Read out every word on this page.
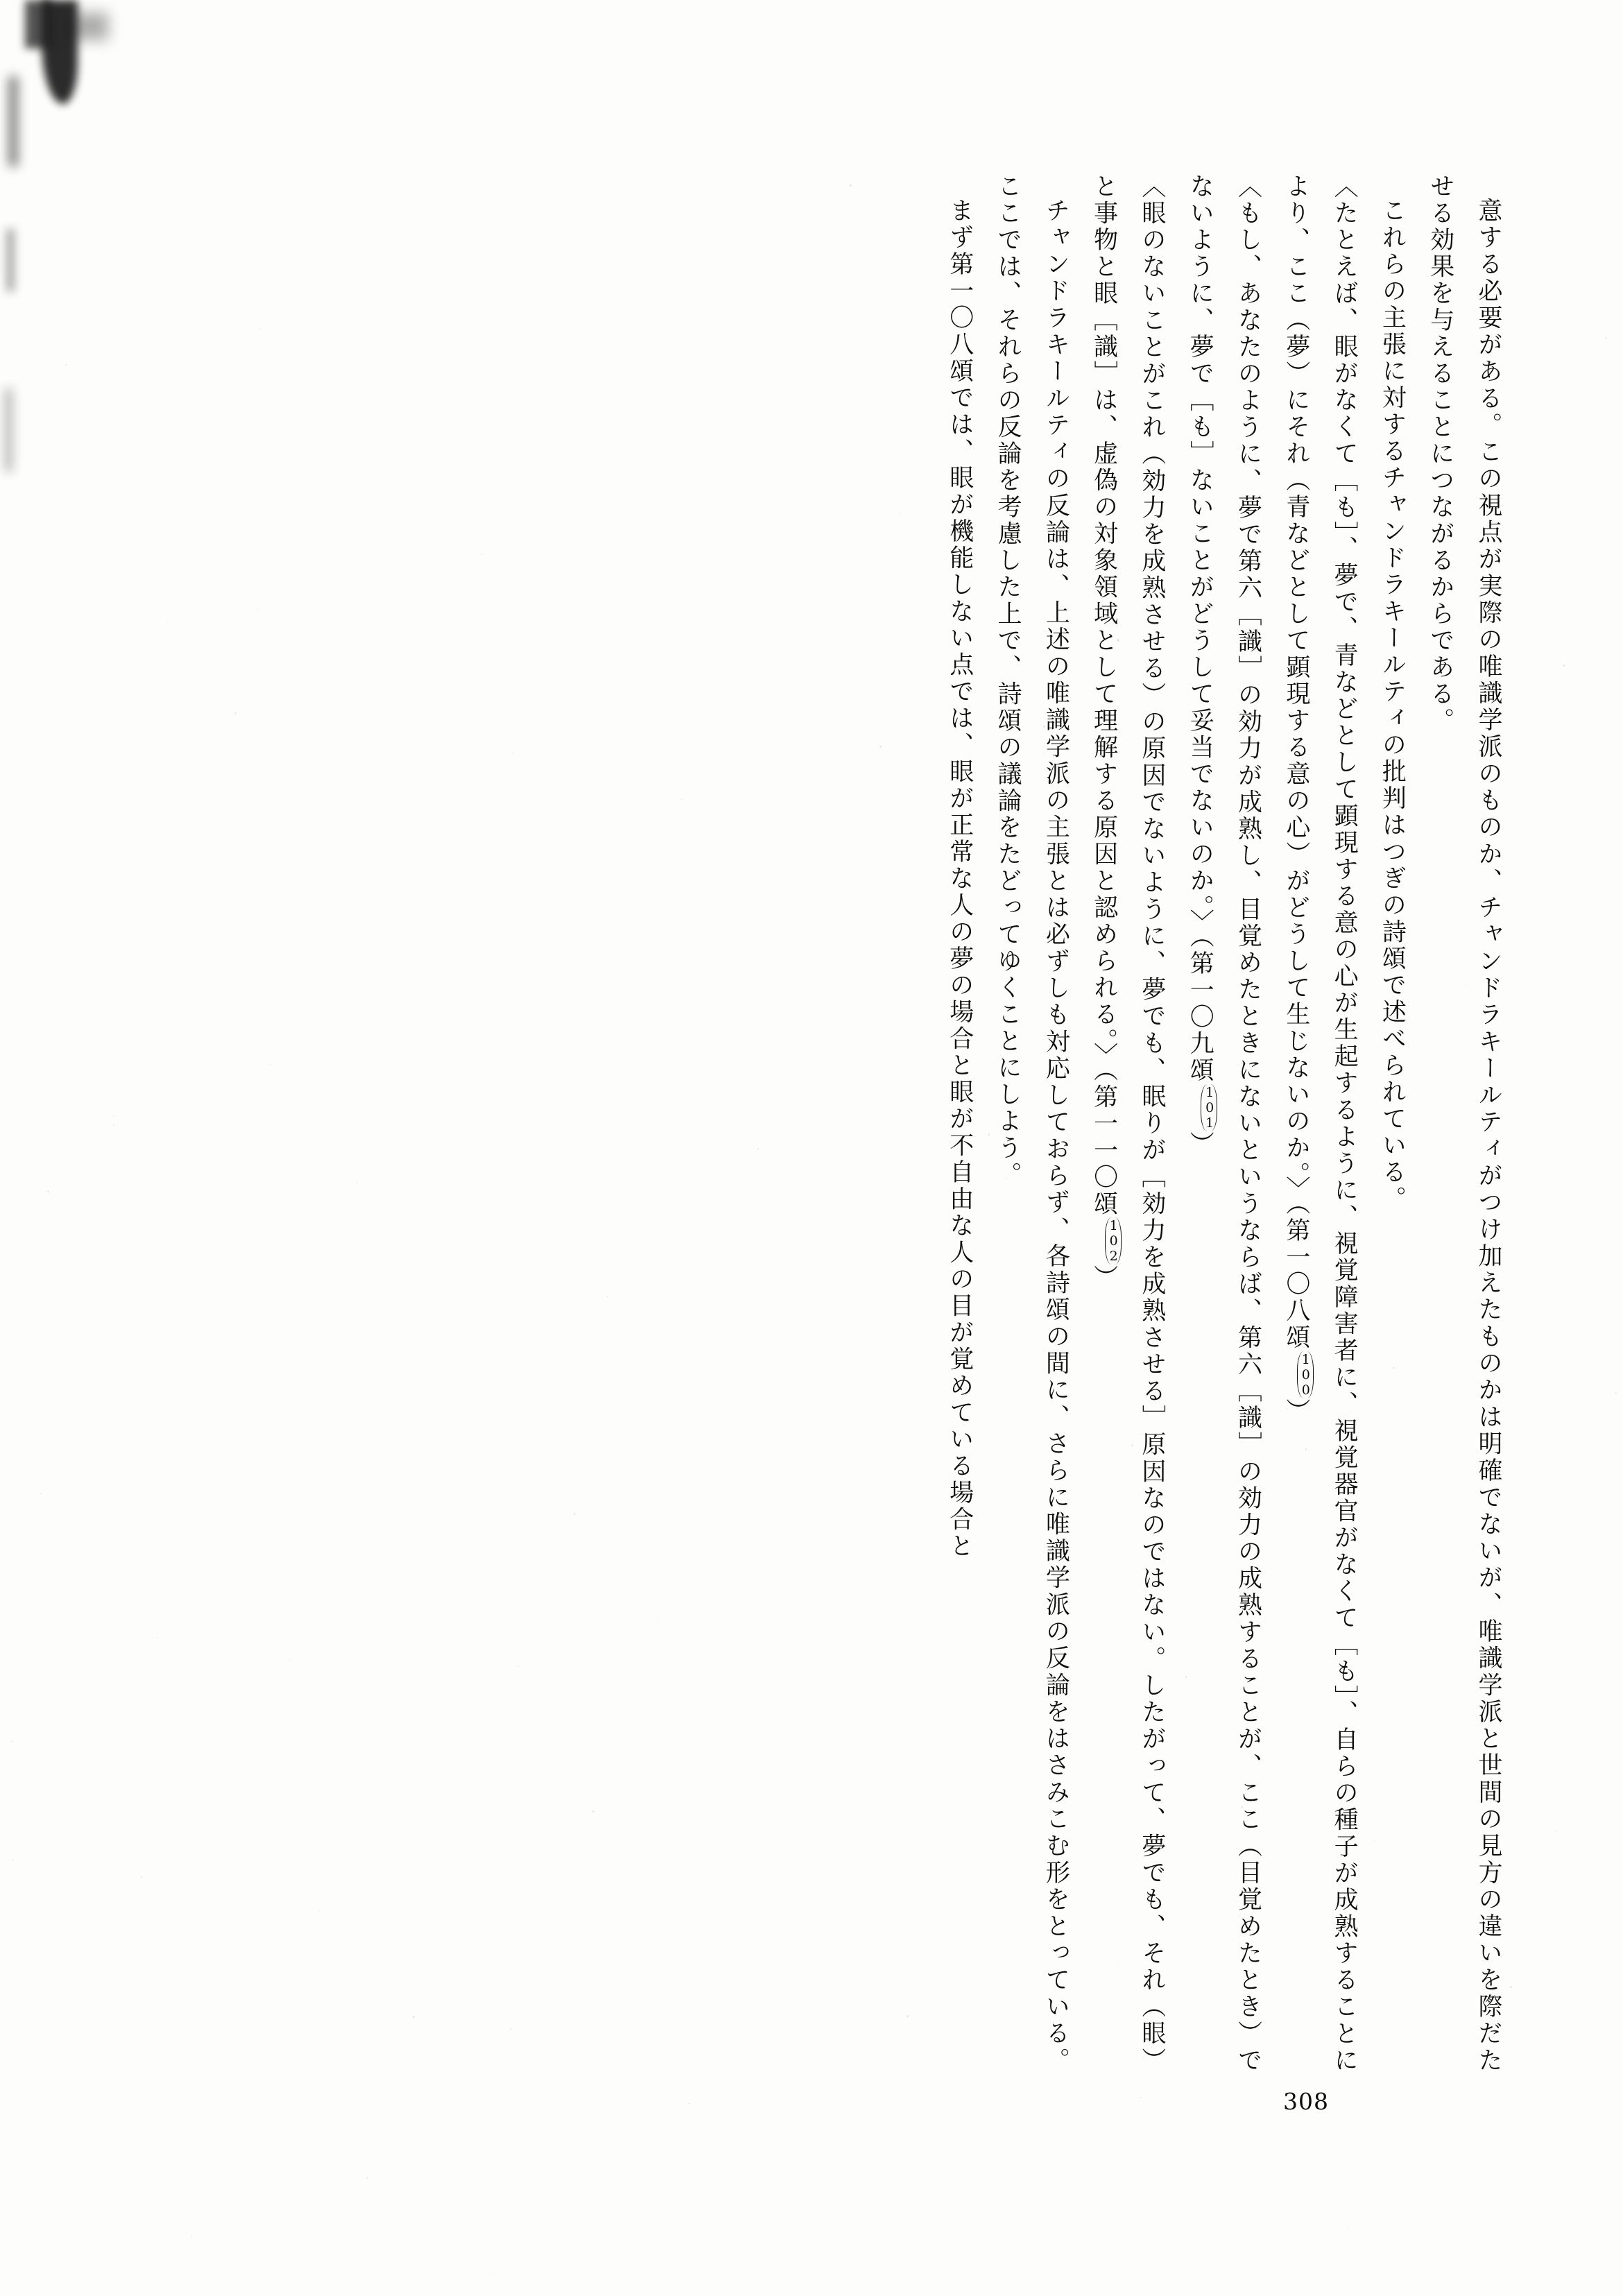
意する必要がある。この視点が実際の唯識学派のものか、チャンドラキールティがつけ加えたものかは明確でないが、唯識学派と世間の見方の違いを際だたせる効果を与えることにつながるからである。

これらの主張に対するチャンドラキールティの批判はつぎの詩頌で述べられている。

〈たとえば、眼がなくて［も］、夢で、青などとして顕現する意の心が生起するように、視覚障害者に、視覚器官がなくて［も］、自らの種子が成熟することにより、ここ（夢）にそれ（青などとして顕現する意の心）がどうして生じないのか。〉（第一〇八頌100）

〈もし、あなたのように、夢で第六［識］の効力が成熟し、目覚めたときにないというならば、第六［識］の効力の成熟することが、ここ（目覚めたとき）でないように、夢で［も］ないことがどうして妥当でないのか。〉（第一〇九頌101）

〈眼のないことがこれ（効力を成熟させる）の原因でないように、夢でも、眠りが［効力を成熟させる］原因なのではない。したがって、夢でも、それ（眼）と事物と眼［識］は、虚偽の対象領域として理解する原因と認められる。〉（第一一〇頌102）

チャンドラキールティの反論は、上述の唯識学派の主張とは必ずしも対応しておらず、各詩頌の間に、さらに唯識学派の反論をはさみこむ形をとっている。ここでは、それらの反論を考慮した上で、詩頌の議論をたどってゆくことにしよう。

まず第一〇八頌では、眼が機能しない点では、眼が正常な人の夢の場合と眼が不自由な人の目が覚めている場合と

308
